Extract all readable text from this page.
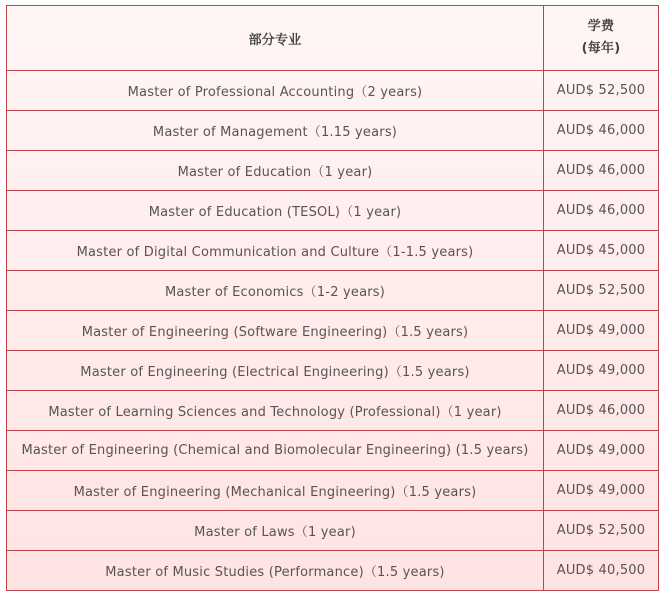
部分专业	学费
(每年)

Master of Professional Accounting（2 years)	AUD$ 52,500
Master of Management（1.15 years)	AUD$ 46,000
Master of Education（1 year)	AUD$ 46,000
Master of Education (TESOL)（1 year)	AUD$ 46,000
Master of Digital Communication and Culture（1-1.5 years)	AUD$ 45,000
Master of Economics（1-2 years)	AUD$ 52,500
Master of Engineering (Software Engineering)（1.5 years)	AUD$ 49,000
Master of Engineering (Electrical Engineering)（1.5 years)	AUD$ 49,000
Master of Learning Sciences and Technology (Professional)（1 year)	AUD$ 46,000
Master of Engineering (Chemical and Biomolecular Engineering) (1.5 years)	AUD$ 49,000
Master of Engineering (Mechanical Engineering)（1.5 years)	AUD$ 49,000
Master of Laws（1 year)	AUD$ 52,500
Master of Music Studies (Performance)（1.5 years)	AUD$ 40,500
